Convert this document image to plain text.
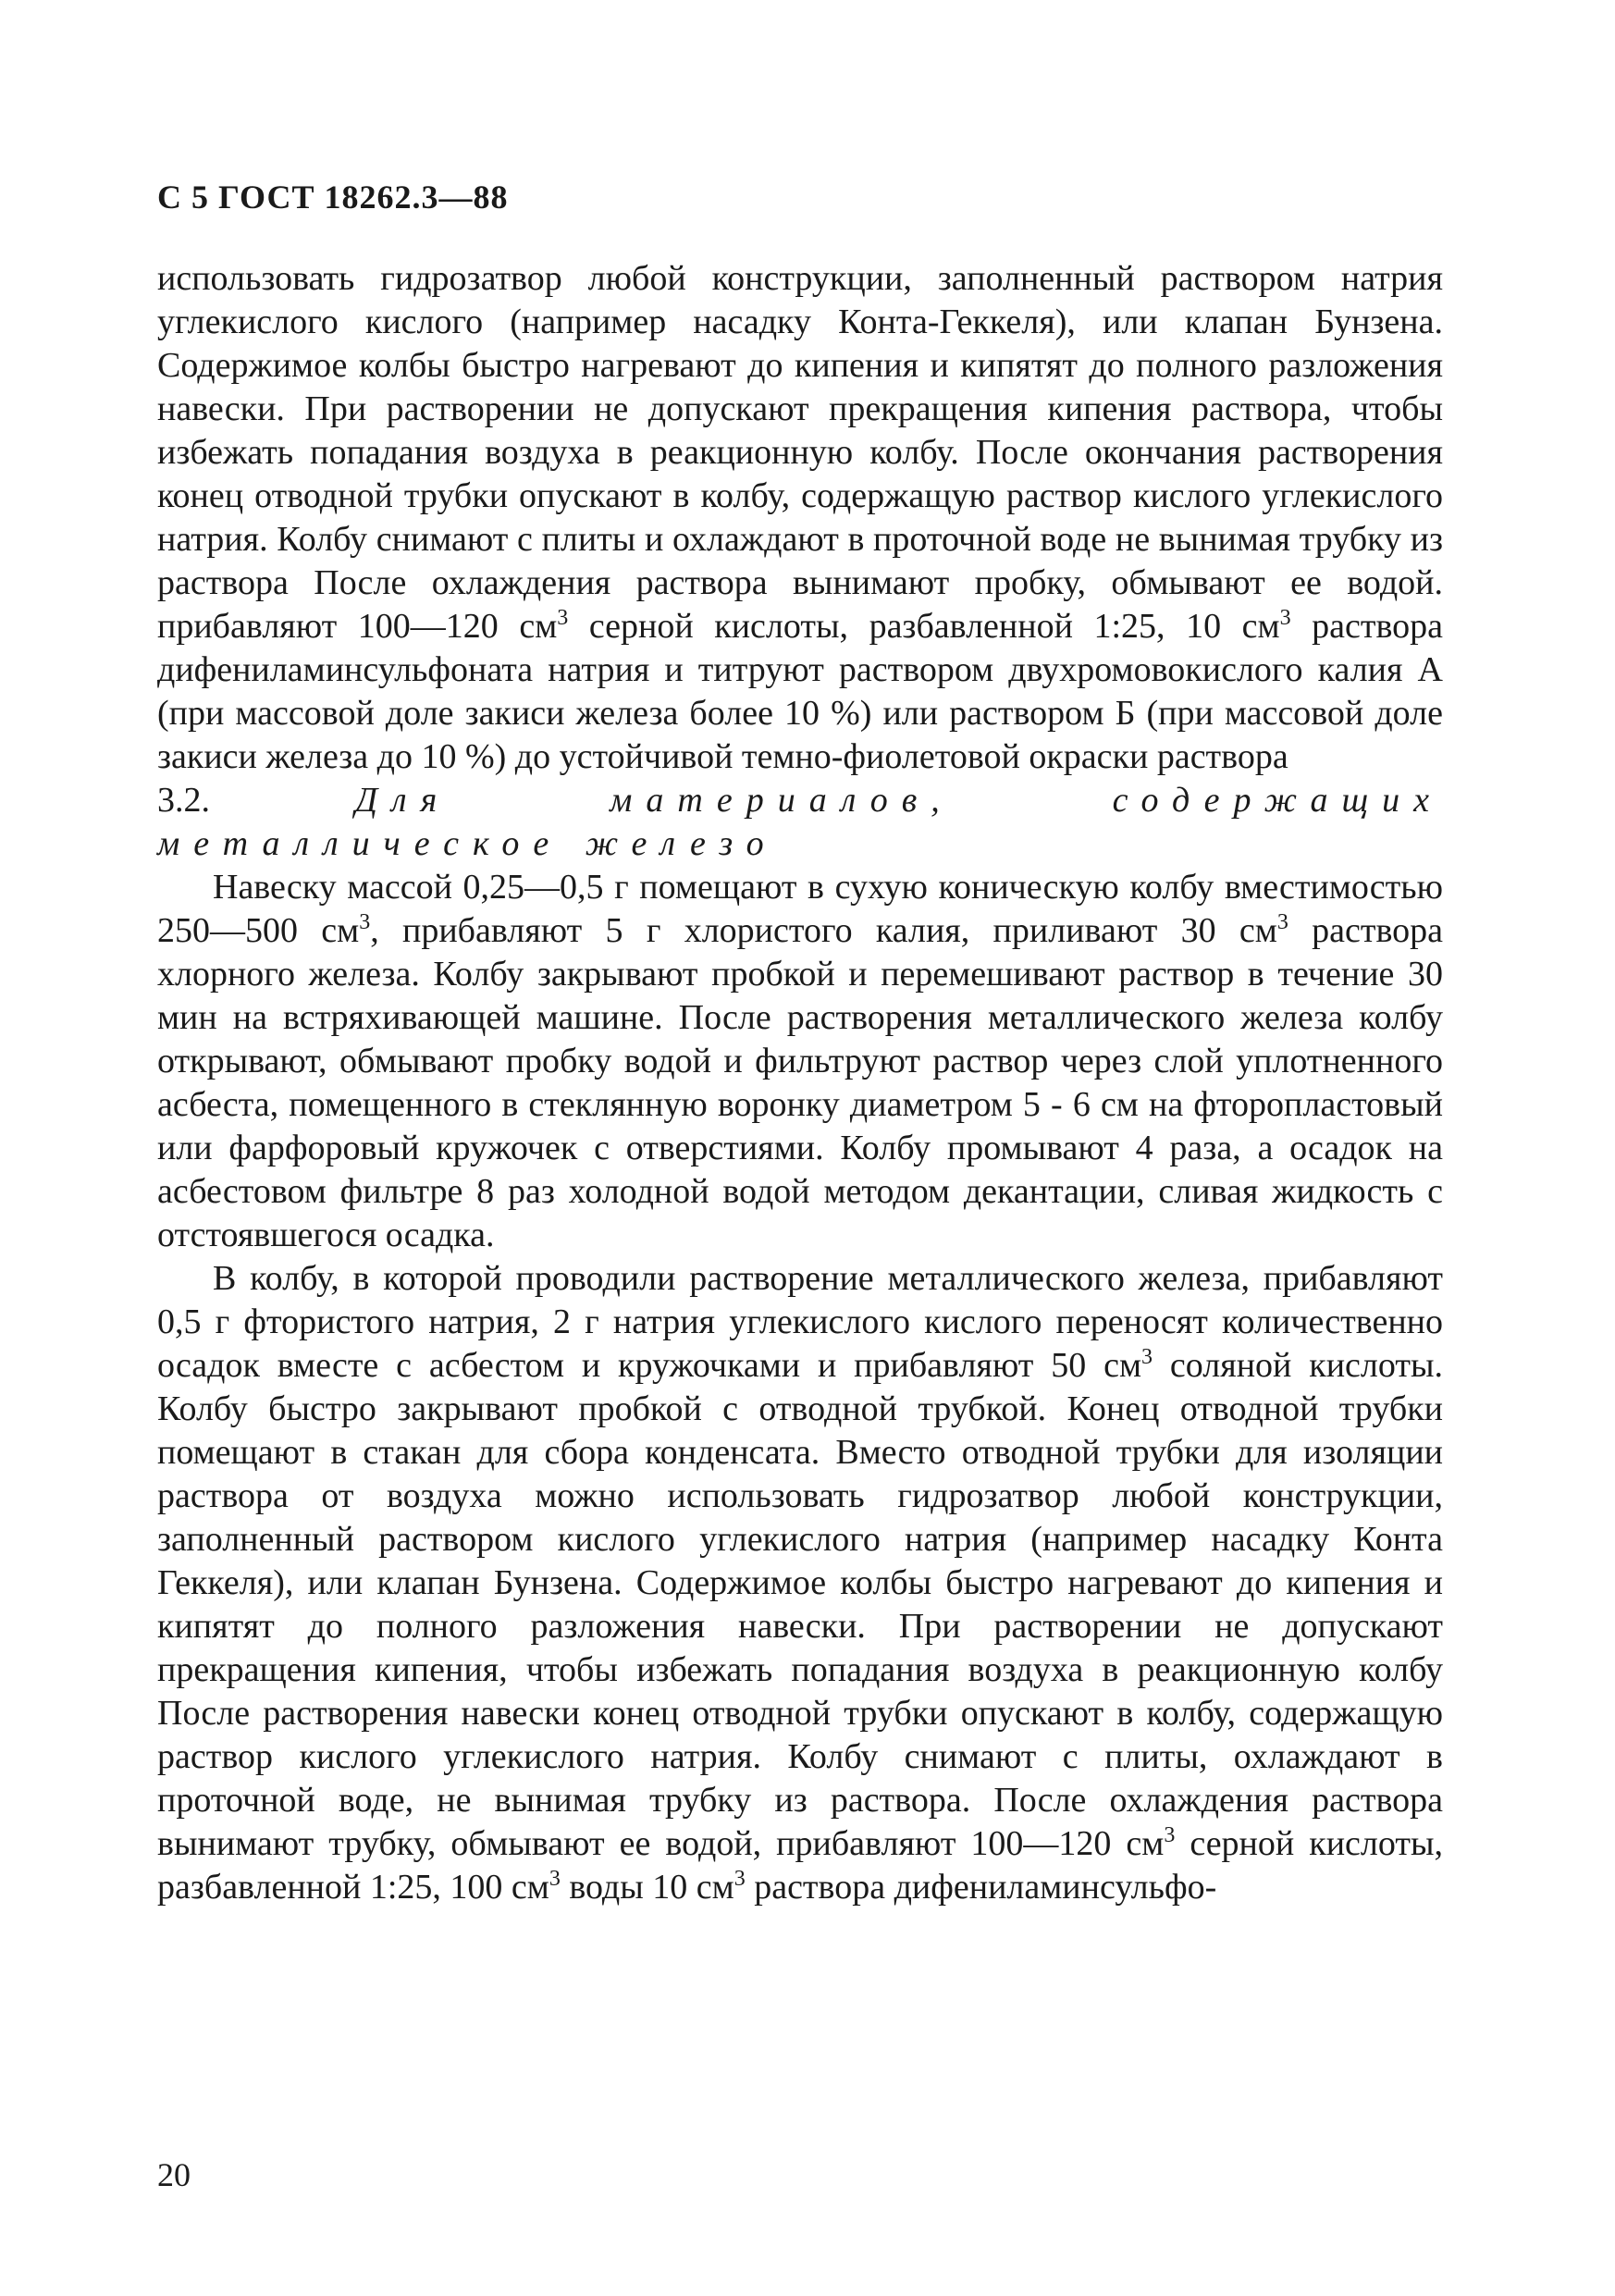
С 5 ГОСТ 18262.3—88

использовать гидрозатвор любой конструкции, заполненный раствором натрия углекислого кислого (например насадку Конта-Геккеля), или клапан Бунзена. Содержимое колбы быстро нагревают до кипения и кипятят до полного разложения навески. При растворении не допускают прекращения кипения раствора, чтобы избежать попадания воздуха в реакционную колбу. После окончания растворения конец отводной трубки опускают в колбу, содержащую раствор кислого углекислого натрия. Колбу снимают с плиты и охлаждают в проточной воде не вынимая трубку из раствора После охлаждения раствора вынимают пробку, обмывают ее водой. прибавляют 100—120 $см^3$ серной кислоты, разбавленной 1:25, 10 $см^3$ раствора дифениламинсульфоната натрия и титруют раствором двухромовокислого калия А (при массовой доле закиси железа более 10 %) или раствором Б (при массовой доле закиси железа до 10 %) до устойчивой темно-фиолетовой окраски раствора

3.2.	Для материалов, содержащих металлическое железо

Навеску массой 0,25—0,5 г помещают в сухую коническую колбу вместимостью 250—500 $см^3$, прибавляют 5 г хлористого калия, приливают 30 $см^3$ раствора хлорного железа. Колбу закрывают пробкой и перемешивают раствор в течение 30 мин на встряхивающей машине. После растворения металлического железа колбу открывают, обмывают пробку водой и фильтруют раствор через слой уплотненного асбеста, помещенного в стеклянную воронку диаметром 5 - 6 см на фторопластовый или фарфоровый кружочек с отверстиями. Колбу промывают 4 раза, а осадок на асбестовом фильтре 8 раз холодной водой методом декантации, сливая жидкость с отстоявшегося осадка.

В колбу, в которой проводили растворение металлического железа, прибавляют 0,5 г фтористого натрия, 2 г натрия углекислого кислого переносят количественно осадок вместе с асбестом и кружочками и прибавляют 50 $см^3$ соляной кислоты. Колбу быстро закрывают пробкой с отводной трубкой. Конец отводной трубки помещают в стакан для сбора конденсата. Вместо отводной трубки для изоляции раствора от воздуха можно использовать гидрозатвор любой конструкции, заполненный раствором кислого углекислого натрия (например насадку Конта Геккеля), или клапан Бунзена. Содержимое колбы быстро нагревают до кипения и кипятят до полного разложения навески. При растворении не допускают прекращения кипения, чтобы избежать попадания воздуха в реакционную колбу После растворения навески конец отводной трубки опускают в колбу, содержащую раствор кислого углекислого натрия. Колбу снимают с плиты, охлаждают в проточной воде, не вынимая трубку из раствора. После охлаждения раствора вынимают трубку, обмывают ее водой, прибавляют 100—120 $см^3$ серной кислоты, разбавленной 1:25, 100 $см^3$ воды 10 $см^3$ раствора дифениламинсульфо-

20
